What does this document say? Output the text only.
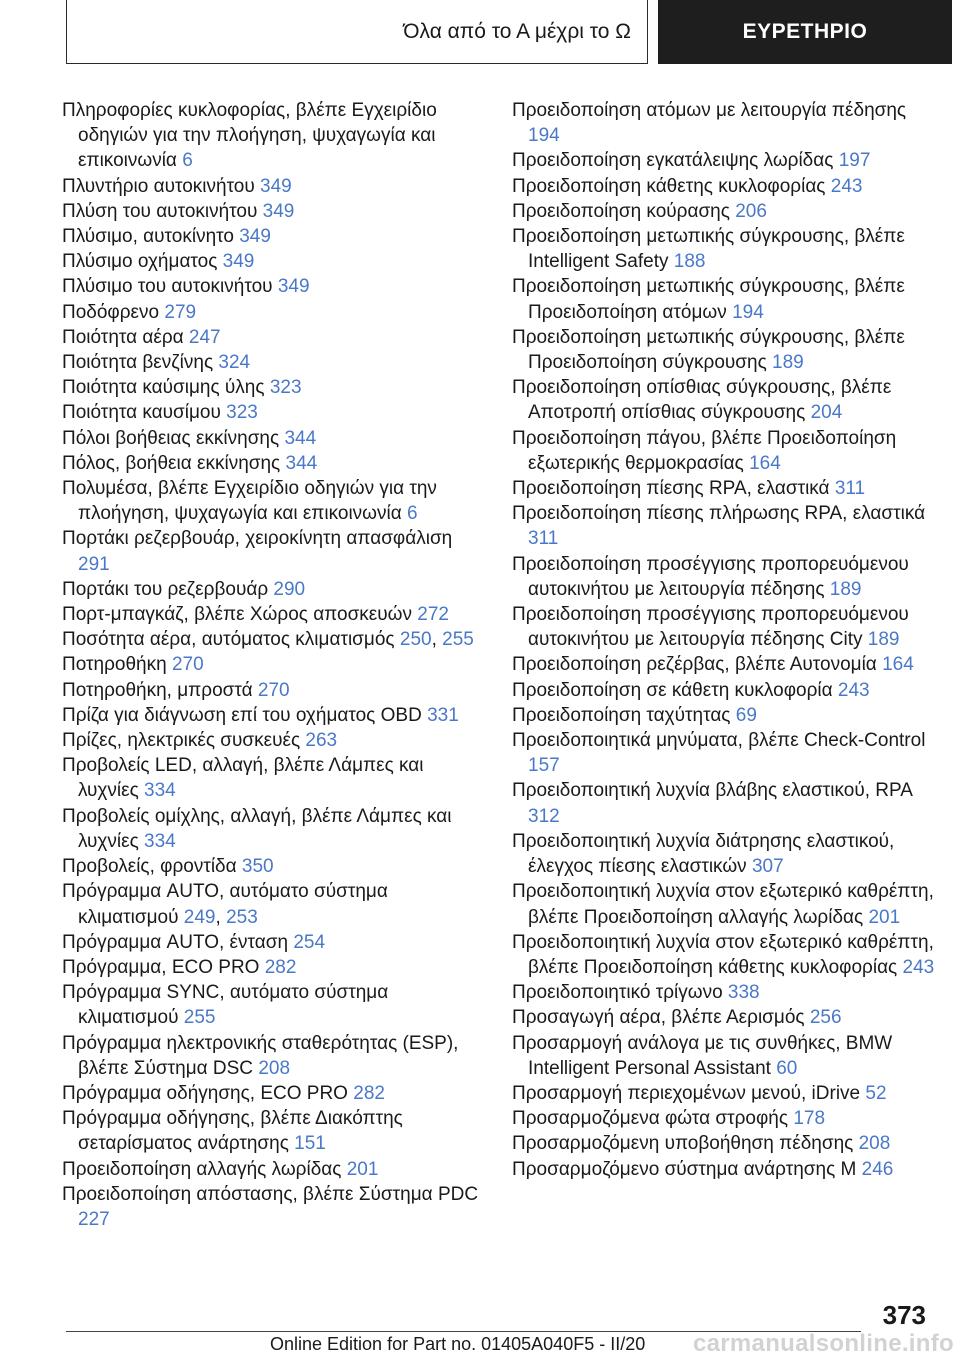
Όλα από το Α μέχρι το Ω	ΕΥΡΕΤΗΡΙΟ
Πληροφορίες κυκλοφορίας, βλέπε Εγχειρίδιο οδηγιών για την πλοήγηση, ψυχαγωγία και επικοινωνία 6
Πλυντήριο αυτοκινήτου 349
Πλύση του αυτοκινήτου 349
Πλύσιμο, αυτοκίνητο 349
Πλύσιμο οχήματος 349
Πλύσιμο του αυτοκινήτου 349
Ποδόφρενο 279
Ποιότητα αέρα 247
Ποιότητα βενζίνης 324
Ποιότητα καύσιμης ύλης 323
Ποιότητα καυσίμου 323
Πόλοι βοήθειας εκκίνησης 344
Πόλος, βοήθεια εκκίνησης 344
Πολυμέσα, βλέπε Εγχειρίδιο οδηγιών για την πλοήγηση, ψυχαγωγία και επικοινωνία 6
Πορτάκι ρεζερβουάρ, χειροκίνητη απασφάλιση 291
Πορτάκι του ρεζερβουάρ 290
Πορτ-μπαγκάζ, βλέπε Χώρος αποσκευών 272
Ποσότητα αέρα, αυτόματος κλιματισμός 250, 255
Ποτηροθήκη 270
Ποτηροθήκη, μπροστά 270
Πρίζα για διάγνωση επί του οχήματος OBD 331
Πρίζες, ηλεκτρικές συσκευές 263
Προβολείς LED, αλλαγή, βλέπε Λάμπες και λυχνίες 334
Προβολείς ομίχλης, αλλαγή, βλέπε Λάμπες και λυχνίες 334
Προβολείς, φροντίδα 350
Πρόγραμμα AUTO, αυτόματο σύστημα κλιματισμού 249, 253
Πρόγραμμα AUTO, ένταση 254
Πρόγραμμα, ECO PRO 282
Πρόγραμμα SYNC, αυτόματο σύστημα κλιματισμού 255
Πρόγραμμα ηλεκτρονικής σταθερότητας (ESP), βλέπε Σύστημα DSC 208
Πρόγραμμα οδήγησης, ECO PRO 282
Πρόγραμμα οδήγησης, βλέπε Διακόπτης σεταρίσματος ανάρτησης 151
Προειδοποίηση αλλαγής λωρίδας 201
Προειδοποίηση απόστασης, βλέπε Σύστημα PDC 227
Προειδοποίηση ατόμων με λειτουργία πέδησης 194
Προειδοποίηση εγκατάλειψης λωρίδας 197
Προειδοποίηση κάθετης κυκλοφορίας 243
Προειδοποίηση κούρασης 206
Προειδοποίηση μετωπικής σύγκρουσης, βλέπε Intelligent Safety 188
Προειδοποίηση μετωπικής σύγκρουσης, βλέπε Προειδοποίηση ατόμων 194
Προειδοποίηση μετωπικής σύγκρουσης, βλέπε Προειδοποίηση σύγκρουσης 189
Προειδοποίηση οπίσθιας σύγκρουσης, βλέπε Αποτροπή οπίσθιας σύγκρουσης 204
Προειδοποίηση πάγου, βλέπε Προειδοποίηση εξωτερικής θερμοκρασίας 164
Προειδοποίηση πίεσης RPA, ελαστικά 311
Προειδοποίηση πίεσης πλήρωσης RPA, ελαστικά 311
Προειδοποίηση προσέγγισης προπορευόμενου αυτοκινήτου με λειτουργία πέδησης 189
Προειδοποίηση προσέγγισης προπορευόμενου αυτοκινήτου με λειτουργία πέδησης City 189
Προειδοποίηση ρεζέρβας, βλέπε Αυτονομία 164
Προειδοποίηση σε κάθετη κυκλοφορία 243
Προειδοποίηση ταχύτητας 69
Προειδοποιητικά μηνύματα, βλέπε Check-Control 157
Προειδοποιητική λυχνία βλάβης ελαστικού, RPA 312
Προειδοποιητική λυχνία διάτρησης ελαστικού, έλεγχος πίεσης ελαστικών 307
Προειδοποιητική λυχνία στον εξωτερικό καθρέπτη, βλέπε Προειδοποίηση αλλαγής λωρίδας 201
Προειδοποιητική λυχνία στον εξωτερικό καθρέπτη, βλέπε Προειδοποίηση κάθετης κυκλοφορίας 243
Προειδοποιητικό τρίγωνο 338
Προσαγωγή αέρα, βλέπε Αερισμός 256
Προσαρμογή ανάλογα με τις συνθήκες, BMW Intelligent Personal Assistant 60
Προσαρμογή περιεχομένων μενού, iDrive 52
Προσαρμοζόμενα φώτα στροφής 178
Προσαρμοζόμενη υποβοήθηση πέδησης 208
Προσαρμοζόμενο σύστημα ανάρτησης M 246
373
Online Edition for Part no. 01405A040F5 - II/20 carmanualsonline.info
